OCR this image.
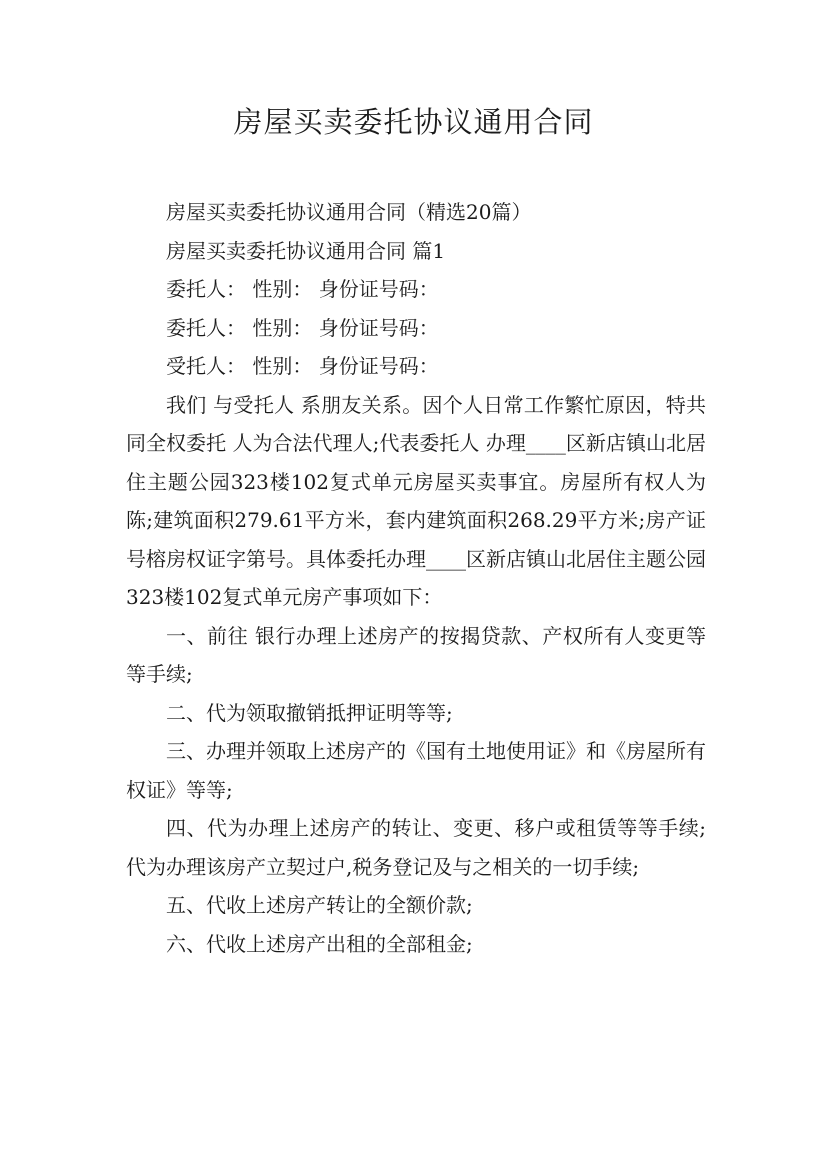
房屋买卖委托协议通用合同

房屋买卖委托协议通用合同（精选20篇）

房屋买卖委托协议通用合同 篇1

委托人： 性别： 身份证号码：

委托人： 性别： 身份证号码：

受托人： 性别： 身份证号码：

我们 与受托人 系朋友关系。因个人日常工作繁忙原因，特共同全权委托 人为合法代理人;代表委托人 办理____区新店镇山北居住主题公园323楼102复式单元房屋买卖事宜。房屋所有权人为陈;建筑面积279.61平方米，套内建筑面积268.29平方米;房产证号榕房权证字第号。具体委托办理____区新店镇山北居住主题公园323楼102复式单元房产事项如下：

一、前往 银行办理上述房产的按揭贷款、产权所有人变更等等手续;

二、代为领取撤销抵押证明等等;

三、办理并领取上述房产的《国有土地使用证》和《房屋所有权证》等等;

四、代为办理上述房产的转让、变更、移户或租赁等等手续; 代为办理该房产立契过户,税务登记及与之相关的一切手续;

五、代收上述房产转让的全额价款;

六、代收上述房产出租的全部租金;
